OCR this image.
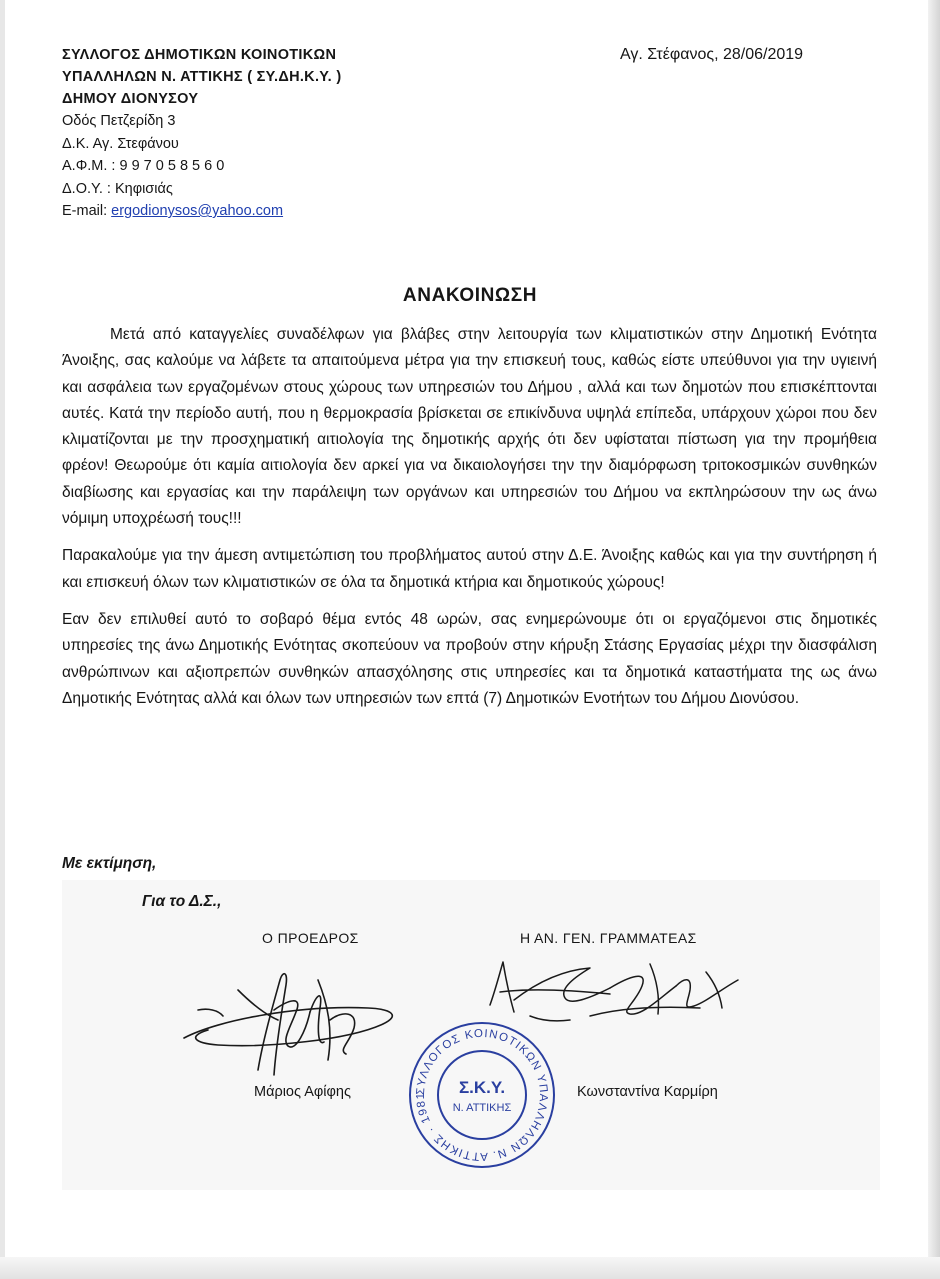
ΣΥΛΛΟΓΟΣ ΔΗΜΟΤΙΚΩΝ ΚΟΙΝΟΤΙΚΩΝ
ΥΠΑΛΛΗΛΩΝ Ν. ΑΤΤΙΚΗΣ ( ΣΥ.ΔΗ.Κ.Υ. )
ΔΗΜΟΥ ΔΙΟΝΥΣΟΥ
Οδός Πετζερίδη 3
Δ.Κ. Αγ. Στεφάνου
Α.Φ.Μ. : 9 9 7 0 5 8 5 6 0
Δ.Ο.Υ. : Κηφισιάς
E-mail: ergodionysos@yahoo.com
Αγ. Στέφανος, 28/06/2019
ΑΝΑΚΟΙΝΩΣΗ

Μετά από καταγγελίες συναδέλφων για βλάβες στην λειτουργία των κλιματιστικών στην Δημοτική Ενότητα Άνοιξης, σας καλούμε να λάβετε τα απαιτούμενα μέτρα για την επισκευή τους, καθώς είστε υπεύθυνοι για την υγιεινή και ασφάλεια των εργαζομένων στους χώρους των υπηρεσιών του Δήμου , αλλά και των δημοτών που επισκέπτονται αυτές. Κατά την περίοδο αυτή, που η θερμοκρασία βρίσκεται σε επικίνδυνα υψηλά επίπεδα, υπάρχουν χώροι που δεν κλιματίζονται με την προσχηματική αιτιολογία της δημοτικής αρχής ότι δεν υφίσταται πίστωση για την προμήθεια φρέον! Θεωρούμε ότι καμία αιτιολογία δεν αρκεί για να δικαιολογήσει την την διαμόρφωση τριτοκοσμικών συνθηκών διαβίωσης και εργασίας και την παράλειψη των οργάνων και υπηρεσιών του Δήμου να εκπληρώσουν την ως άνω νόμιμη υποχρέωσή τους!!!

Παρακαλούμε για την άμεση αντιμετώπιση του προβλήματος αυτού στην Δ.Ε. Άνοιξης καθώς και για την συντήρηση ή και επισκευή όλων των κλιματιστικών σε όλα τα δημοτικά κτήρια και δημοτικούς χώρους!

Εαν δεν επιλυθεί αυτό το σοβαρό θέμα εντός 48 ωρών, σας ενημερώνουμε ότι οι εργαζόμενοι στις δημοτικές υπηρεσίες της άνω Δημοτικής Ενότητας σκοπεύουν να προβούν στην κήρυξη Στάσης Εργασίας μέχρι την διασφάλιση ανθρώπινων και αξιοπρεπών συνθηκών απασχόλησης στις υπηρεσίες και τα δημοτικά καταστήματα της ως άνω Δημοτικής Ενότητας αλλά και όλων των υπηρεσιών των επτά (7) Δημοτικών Ενοτήτων του Δήμου Διονύσου.

Με εκτίμηση,
Για το Δ.Σ.,
Ο ΠΡΟΕΔΡΟΣ	Η ΑΝ. ΓΕΝ. ΓΡΑΜΜΑΤΕΑΣ
ΣΥΛΛΟΓΟΣ ΚΟΙΝΟΤΙΚΩΝ ΥΠΑΛΛΗΛΩΝ Ν. ΑΤΤΙΚΗΣ · 1981	Σ.Κ.Υ.
Ν. ΑΤΤΙΚΗΣ
Μάριος Αφίφης	Κωνσταντίνα Καρμίρη
